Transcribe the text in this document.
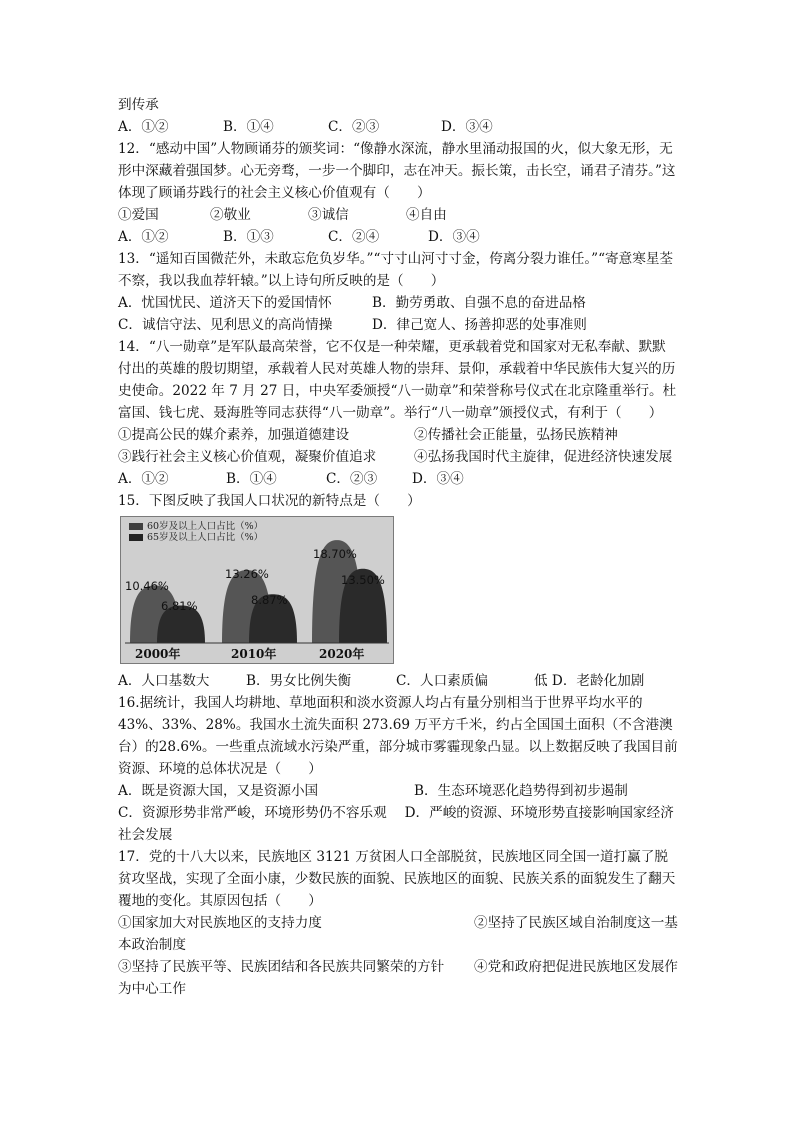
到传承
A．①②	B．①④	C．②③	D．③④
12．“感动中国”人物顾诵芬的颁奖词：“像静水深流，静水里涌动报国的火，似大象无形，无形中深藏着强国梦。心无旁骛，一步一个脚印，志在冲天。振长策，击长空，诵君子清芬。”这体现了顾诵芬践行的社会主义核心价值观有（　　）
①爱国	②敬业	③诚信	④自由
A．①②	B．①③	C．②④	D．③④
13．“遥知百国微茫外，未敢忘危负岁华。”“寸寸山河寸寸金，侉离分裂力谁任。”“寄意寒星荃不察，我以我血荐轩辕。”以上诗句所反映的是（　　）
A．忧国忧民、道济天下的爱国情怀	B．勤劳勇敢、自强不息的奋进品格
C．诚信守法、见利思义的高尚情操	D．律己宽人、扬善抑恶的处事准则
14．“八一勋章”是军队最高荣誉，它不仅是一种荣耀，更承载着党和国家对无私奉献、默默付出的英雄的殷切期望，承载着人民对英雄人物的崇拜、景仰，承载着中华民族伟大复兴的历史使命。2022 年 7 月 27 日，中央军委颁授“八一勋章”和荣誉称号仪式在北京隆重举行。杜富国、钱七虎、聂海胜等同志获得“八一勋章”。举行“八一勋章”颁授仪式，有利于（　　）
①提高公民的媒介素养，加强道德建设	②传播社会正能量，弘扬民族精神
③践行社会主义核心价值观，凝聚价值追求	④弘扬我国时代主旋律，促进经济快速发展
A．①②	B．①④	C．②③	D．③④
15．下图反映了我国人口状况的新特点是（　　）
60岁及以上人口占比（%）
65岁及以上人口占比（%）
10.46%
6.81%
13.26%
8.87%
18.70%
13.50%
2000年	2010年	2020年
A．人口基数大	B．男女比例失衡	C．人口素质偏	低 D．老龄化加剧
16.据统计，我国人均耕地、草地面积和淡水资源人均占有量分别相当于世界平均水平的43%、33%、28%。我国水土流失面积 273.69 万平方千米，约占全国国土面积（不含港澳台）的28.6%。一些重点流域水污染严重，部分城市雾霾现象凸显。以上数据反映了我国目前资源、环境的总体状况是（　　）
A．既是资源大国，又是资源小国	B．生态环境恶化趋势得到初步遏制
C．资源形势非常严峻，环境形势仍不容乐观　 D．严峻的资源、环境形势直接影响国家经济社会发展
17．党的十八大以来，民族地区 3121 万贫困人口全部脱贫，民族地区同全国一道打赢了脱贫攻坚战，实现了全面小康，少数民族的面貌、民族地区的面貌、民族关系的面貌发生了翻天覆地的变化。其原因包括（　　）
①国家加大对民族地区的支持力度	②坚持了民族区域自治制度这一基本政治制度
③坚持了民族平等、民族团结和各民族共同繁荣的方针 ④党和政府把促进民族地区发展作为中心工作
